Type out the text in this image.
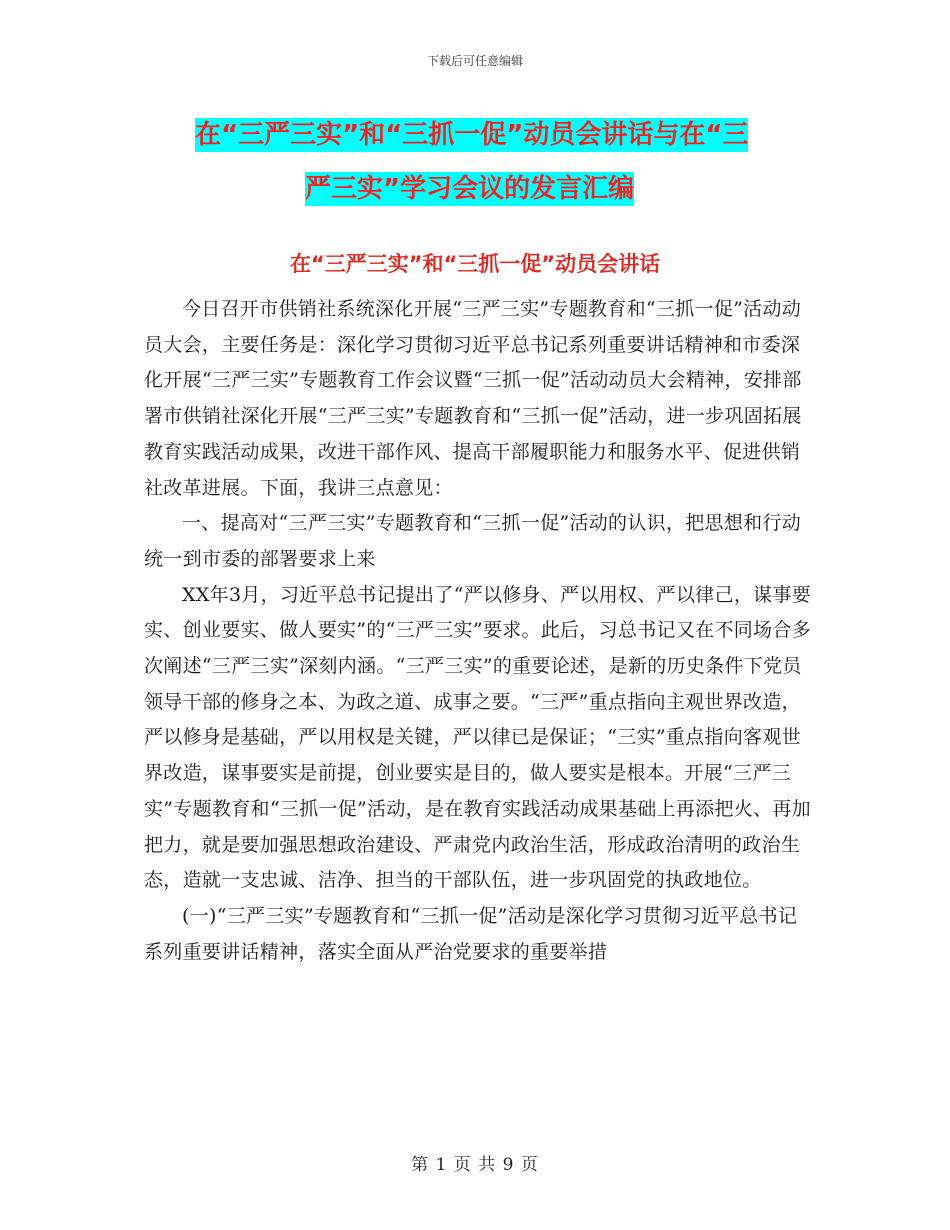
下载后可任意编辑
在“三严三实”和“三抓一促”动员会讲话与在“三
严三实”学习会议的发言汇编
在“三严三实”和“三抓一促”动员会讲话

今日召开市供销社系统深化开展“三严三实”专题教育和“三抓一促”活动动员大会，主要任务是：深化学习贯彻习近平总书记系列重要讲话精神和市委深化开展“三严三实”专题教育工作会议暨“三抓一促”活动动员大会精神，安排部署市供销社深化开展“三严三实”专题教育和“三抓一促”活动，进一步巩固拓展教育实践活动成果，改进干部作风、提高干部履职能力和服务水平、促进供销社改革进展。下面，我讲三点意见：

一、提高对“三严三实”专题教育和“三抓一促”活动的认识，把思想和行动统一到市委的部署要求上来

XX年3月，习近平总书记提出了“严以修身、严以用权、严以律己，谋事要实、创业要实、做人要实”的“三严三实”要求。此后，习总书记又在不同场合多次阐述“三严三实”深刻内涵。“三严三实”的重要论述，是新的历史条件下党员领导干部的修身之本、为政之道、成事之要。“三严”重点指向主观世界改造，严以修身是基础，严以用权是关键，严以律已是保证；“三实”重点指向客观世界改造，谋事要实是前提，创业要实是目的，做人要实是根本。开展“三严三实”专题教育和“三抓一促”活动，是在教育实践活动成果基础上再添把火、再加把力，就是要加强思想政治建设、严肃党内政治生活，形成政治清明的政治生态，造就一支忠诚、洁净、担当的干部队伍，进一步巩固党的执政地位。

(一)“三严三实”专题教育和“三抓一促”活动是深化学习贯彻习近平总书记系列重要讲话精神，落实全面从严治党要求的重要举措

第 1 页 共 9 页
